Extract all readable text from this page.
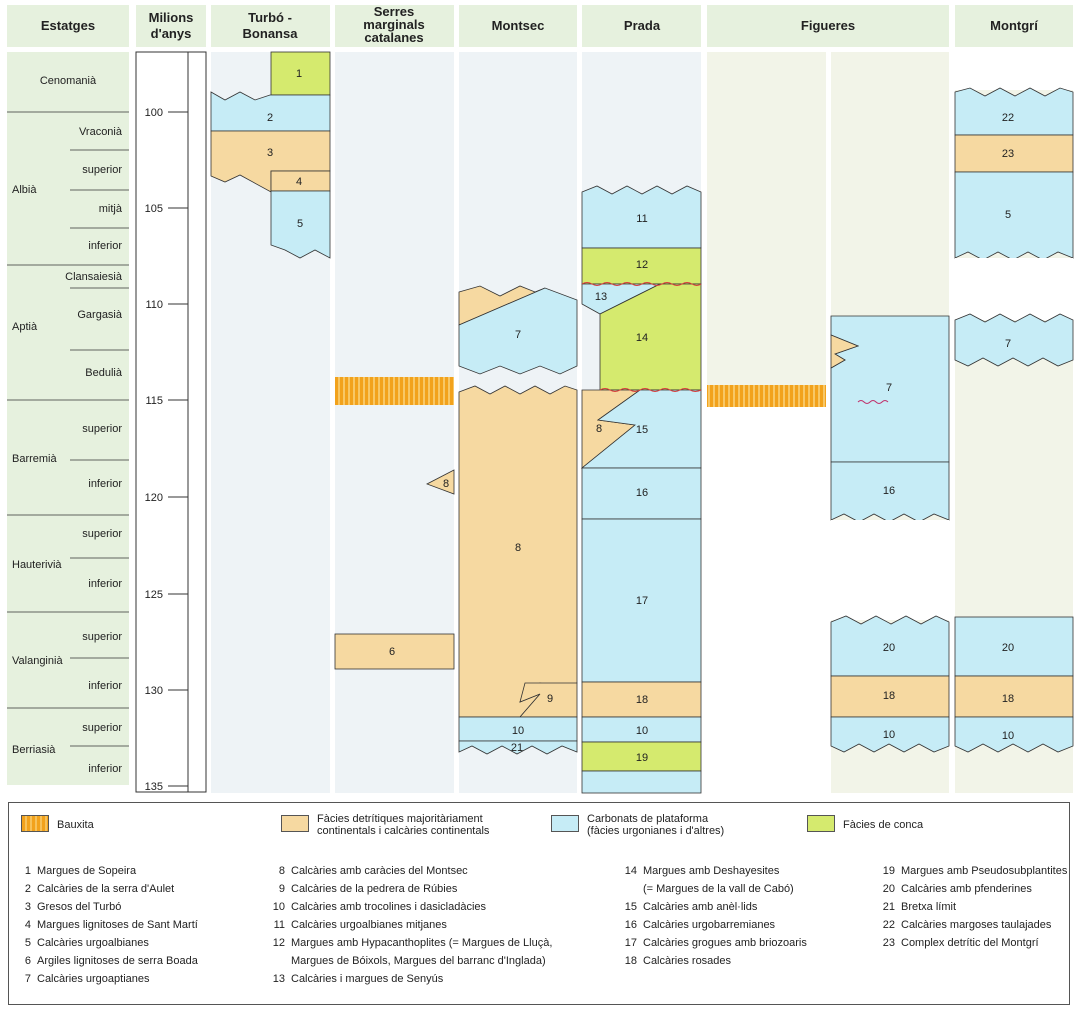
Estatges
Milions
d'anys
Turbó -
Bonansa
Serres
marginals
catalanes
Montsec	Prada	Figueres	Montgrí
Cenomanià
Vraconià
superior
Albià
mitjà
inferior
Clansaiesià
Gargasià
Aptià
Bedulià
superior
Barremià
inferior
superior
Hauterivià
inferior
superior
Valanginià
inferior
superior
Berriasià
inferior
100
105
110
115
120
125
130
135
1
2
3
4
5
8
6
7
8
9
10
21
11
12
13
14
8	15
16
17
18
10
19
7
16
20
18
10
22
23
5
7
20
18
10
Bauxita	Fàcies detrítiques majoritàriament
continentals i calcàries continentals
Carbonats de plataforma
(fàcies urgonianes i d'altres)	Fàcies de conca
1 Margues de Sopeira
2 Calcàries de la serra d'Aulet
3 Gresos del Turbó
4 Margues lignitoses de Sant Martí
5 Calcàries urgoalbianes
6 Argiles lignitoses de serra Boada
7 Calcàries urgoaptianes
8 Calcàries amb caràcies del Montsec
9 Calcàries de la pedrera de Rúbies
10 Calcàries amb trocolines i dasicladàcies
11 Calcàries urgoalbianes mitjanes
12 Margues amb Hypacanthoplites (= Margues de Lluçà,
Margues de Bóixols, Margues del barranc d'Inglada)
13 Calcàries i margues de Senyús
14 Margues amb Deshayesites
(= Margues de la vall de Cabó)
15 Calcàries amb anèl·lids
16 Calcàries urgobarremianes
17 Calcàries grogues amb briozoaris
18 Calcàries rosades
19 Margues amb Pseudosubplantites
20 Calcàries amb pfenderines
21 Bretxa límit
22 Calcàries margoses taulajades
23 Complex detrític del Montgrí
